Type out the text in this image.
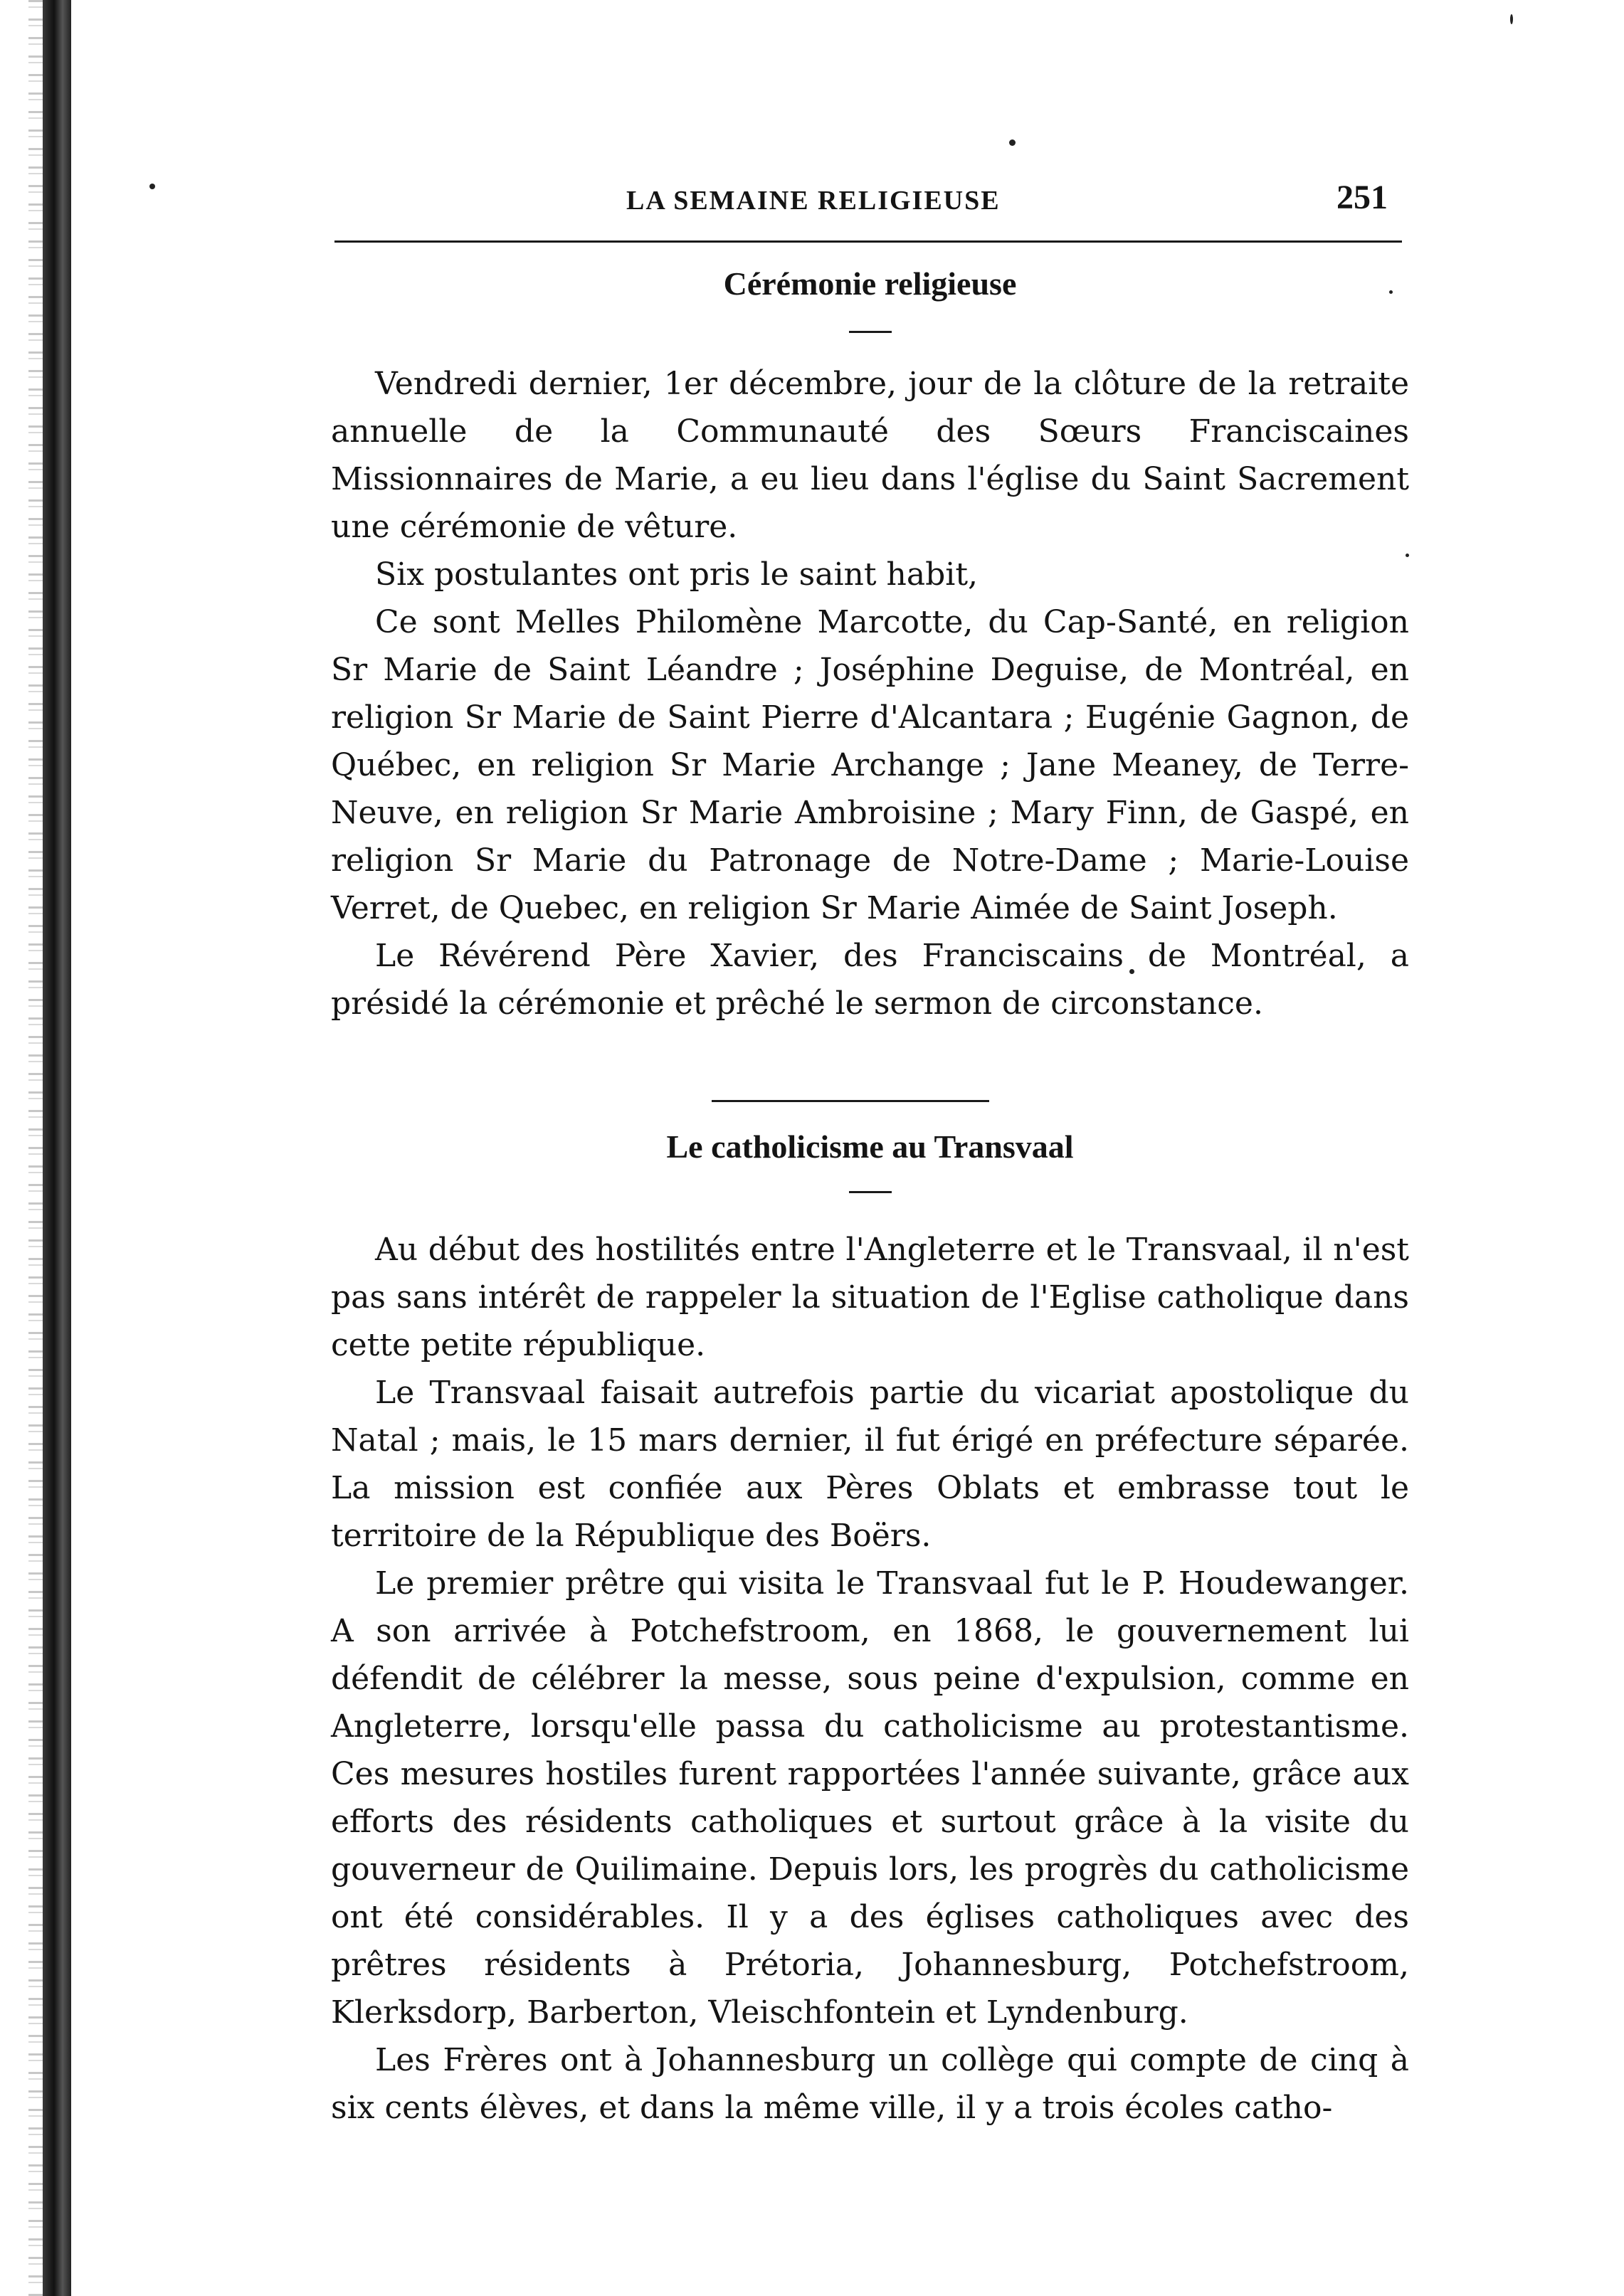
LA SEMAINE RELIGIEUSE	251
Cérémonie religieuse

Vendredi dernier, 1er décembre, jour de la clôture de la retraite annuelle de la Communauté des Sœurs Franciscaines Missionnaires de Marie, a eu lieu dans l'église du Saint Sacrement une cérémonie de vêture.

Six postulantes ont pris le saint habit,

Ce sont Melles Philomène Marcotte, du Cap-Santé, en religion Sr Marie de Saint Léandre ; Joséphine Deguise, de Montréal, en religion Sr Marie de Saint Pierre d'Alcantara ; Eugénie Gagnon, de Québec, en religion Sr Marie Archange ; Jane Meaney, de Terre-Neuve, en religion Sr Marie Ambroisine ; Mary Finn, de Gaspé, en religion Sr Marie du Patronage de Notre-Dame ; Marie-Louise Verret, de Quebec, en religion Sr Marie Aimée de Saint Joseph.

Le Révérend Père Xavier, des Franciscains de Montréal, a présidé la cérémonie et prêché le sermon de circonstance.

Le catholicisme au Transvaal

Au début des hostilités entre l'Angleterre et le Transvaal, il n'est pas sans intérêt de rappeler la situation de l'Eglise catholique dans cette petite république.

Le Transvaal faisait autrefois partie du vicariat apostolique du Natal ; mais, le 15 mars dernier, il fut érigé en préfecture séparée. La mission est confiée aux Pères Oblats et embrasse tout le territoire de la République des Boërs.

Le premier prêtre qui visita le Transvaal fut le P. Houdewanger. A son arrivée à Potchefstroom, en 1868, le gouvernement lui défendit de célébrer la messe, sous peine d'expulsion, comme en Angleterre, lorsqu'elle passa du catholicisme au protestantisme. Ces mesures hostiles furent rapportées l'année suivante, grâce aux efforts des résidents catholiques et surtout grâce à la visite du gouverneur de Quilimaine. Depuis lors, les progrès du catholicisme ont été considérables. Il y a des églises catholiques avec des prêtres résidents à Prétoria, Johannesburg, Potchefstroom, Klerksdorp, Barberton, Vleischfontein et Lyndenburg.

Les Frères ont à Johannesburg un collège qui compte de cinq à six cents élèves, et dans la même ville, il y a trois écoles catho-
